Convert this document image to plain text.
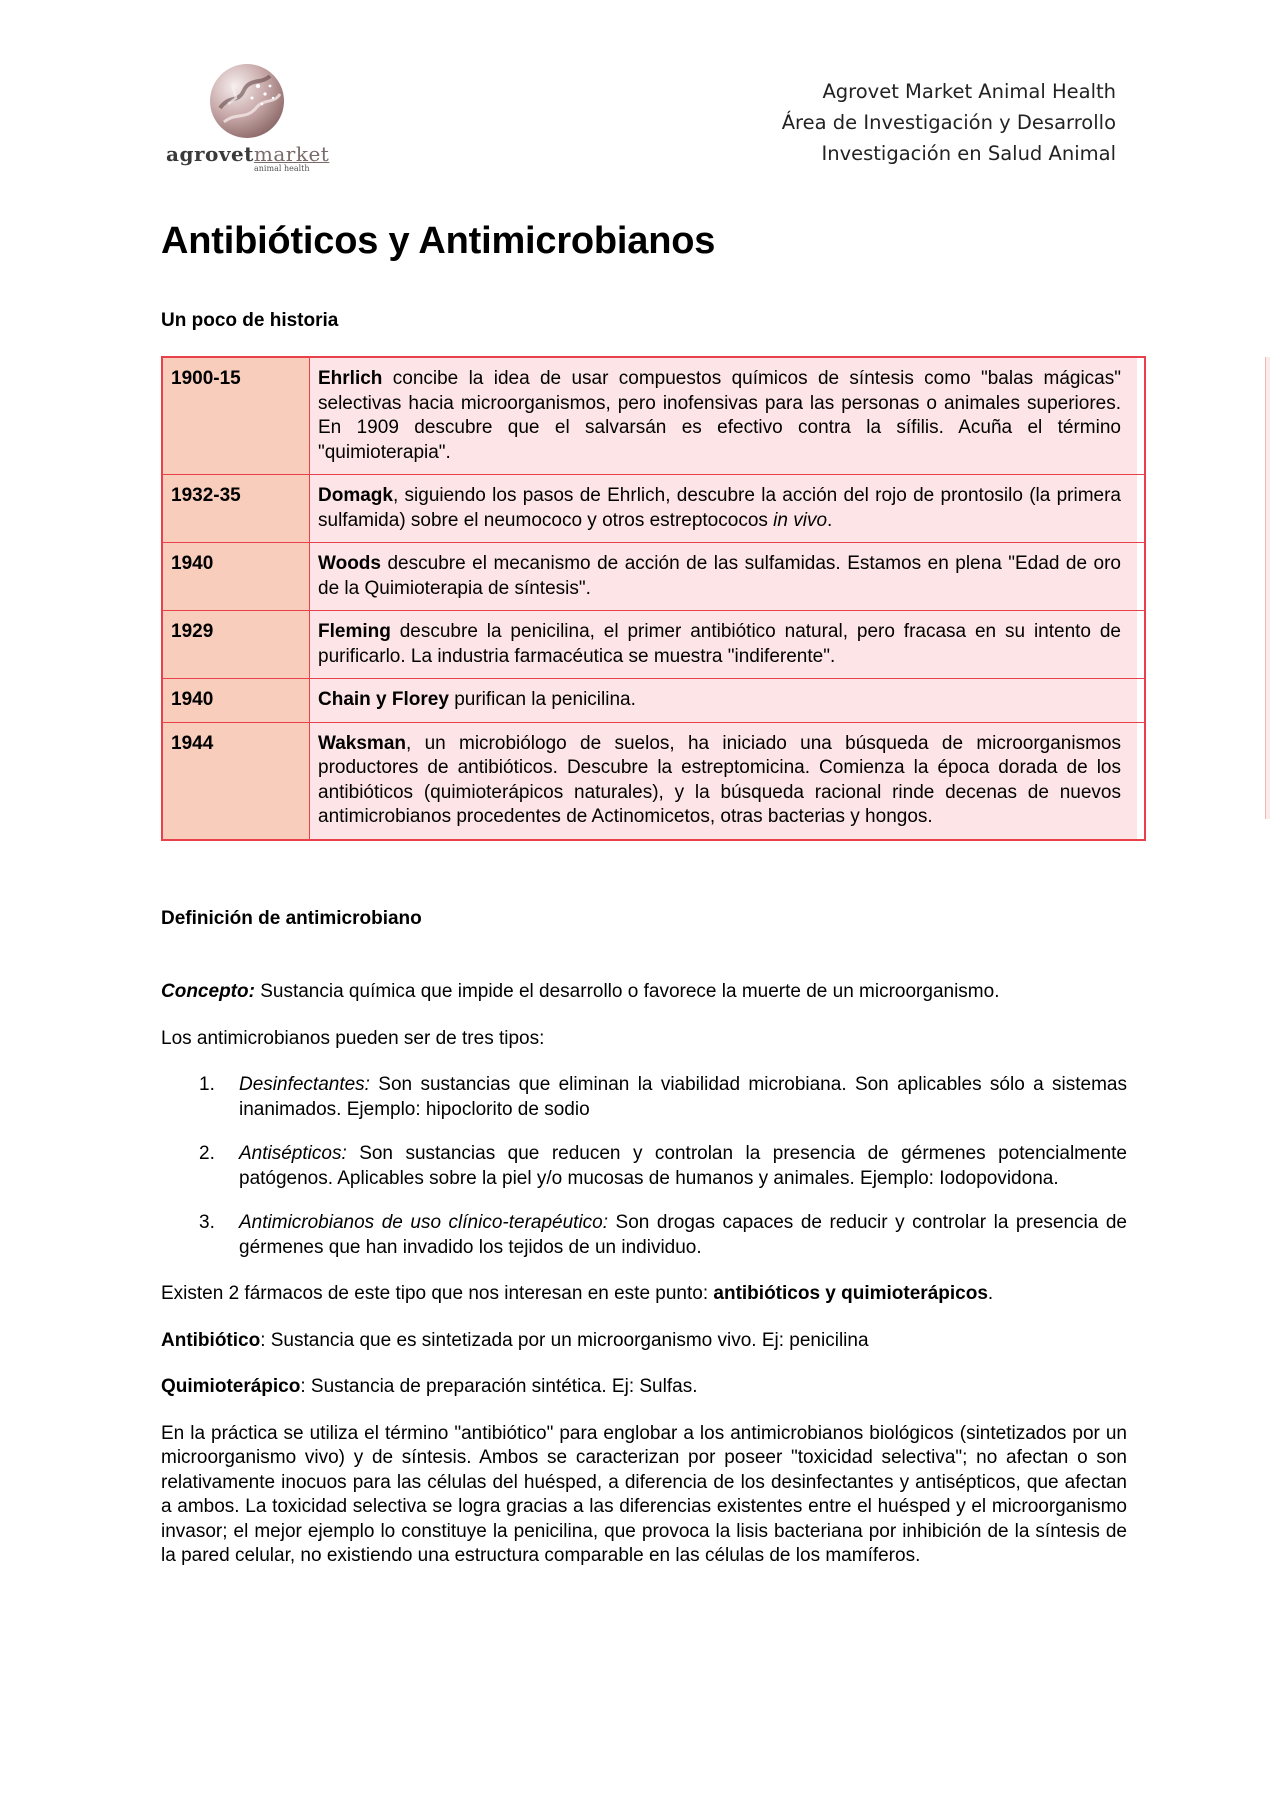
agrovetmarket
animal health
Agrovet Market Animal Health
Área de Investigación y Desarrollo
Investigación en Salud Animal
Antibióticos y Antimicrobianos
Un poco de historia
1900-15	Ehrlich concibe la idea de usar compuestos químicos de síntesis como "balas mágicas" selectivas hacia microorganismos, pero inofensivas para las personas o animales superiores. En 1909 descubre que el salvarsán es efectivo contra la sífilis. Acuña el término "quimioterapia".
1932-35	Domagk, siguiendo los pasos de Ehrlich, descubre la acción del rojo de prontosilo (la primera sulfamida) sobre el neumococo y otros estreptococos in vivo.
1940	Woods descubre el mecanismo de acción de las sulfamidas. Estamos en plena "Edad de oro de la Quimioterapia de síntesis".
1929	Fleming descubre la penicilina, el primer antibiótico natural, pero fracasa en su intento de purificarlo. La industria farmacéutica se muestra "indiferente".
1940	Chain y Florey purifican la penicilina.
1944	Waksman, un microbiólogo de suelos, ha iniciado una búsqueda de microorganismos productores de antibióticos. Descubre la estreptomicina. Comienza la época dorada de los antibióticos (quimioterápicos naturales), y la búsqueda racional rinde decenas de nuevos antimicrobianos procedentes de Actinomicetos, otras bacterias y hongos.
Definición de antimicrobiano

Concepto: Sustancia química que impide el desarrollo o favorece la muerte de un microorganismo.

Los antimicrobianos pueden ser de tres tipos:

1.	Desinfectantes: Son sustancias que eliminan la viabilidad microbiana. Son aplicables sólo a sistemas inanimados. Ejemplo: hipoclorito de sodio
2.	Antisépticos: Son sustancias que reducen y controlan la presencia de gérmenes potencialmente patógenos. Aplicables sobre la piel y/o mucosas de humanos y animales. Ejemplo: Iodopovidona.
3.	Antimicrobianos de uso clínico-terapéutico: Son drogas capaces de reducir y controlar la presencia de gérmenes que han invadido los tejidos de un individuo.

Existen 2 fármacos de este tipo que nos interesan en este punto: antibióticos y quimioterápicos.

Antibiótico: Sustancia que es sintetizada por un microorganismo vivo. Ej: penicilina

Quimioterápico: Sustancia de preparación sintética. Ej: Sulfas.

En la práctica se utiliza el término "antibiótico" para englobar a los antimicrobianos biológicos (sintetizados por un microorganismo vivo) y de síntesis. Ambos se caracterizan por poseer "toxicidad selectiva"; no afectan o son relativamente inocuos para las células del huésped, a diferencia de los desinfectantes y antisépticos, que afectan a ambos. La toxicidad selectiva se logra gracias a las diferencias existentes entre el huésped y el microorganismo invasor; el mejor ejemplo lo constituye la penicilina, que provoca la lisis bacteriana por inhibición de la síntesis de la pared celular, no existiendo una estructura comparable en las células de los mamíferos.
